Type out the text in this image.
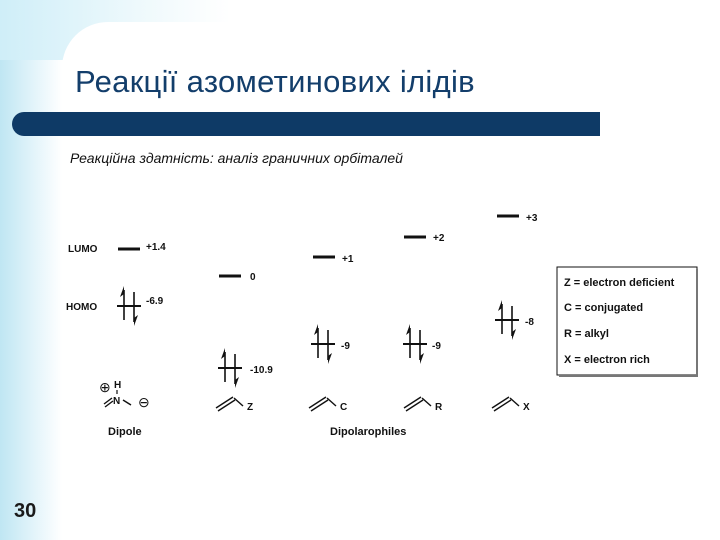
Реакції азометинових ілідів
Реакційна здатність: аналіз граничних орбіталей
30
LUMO
HOMO
+1.4
-6.9
0
-10.9
+1
-9
+2
-9
+3
-8
Z = electron deficient
C = conjugated
R = alkyl
X = electron rich
⊕ H
N ⊖
Dipole
Z	C	R	X
Dipolarophiles
